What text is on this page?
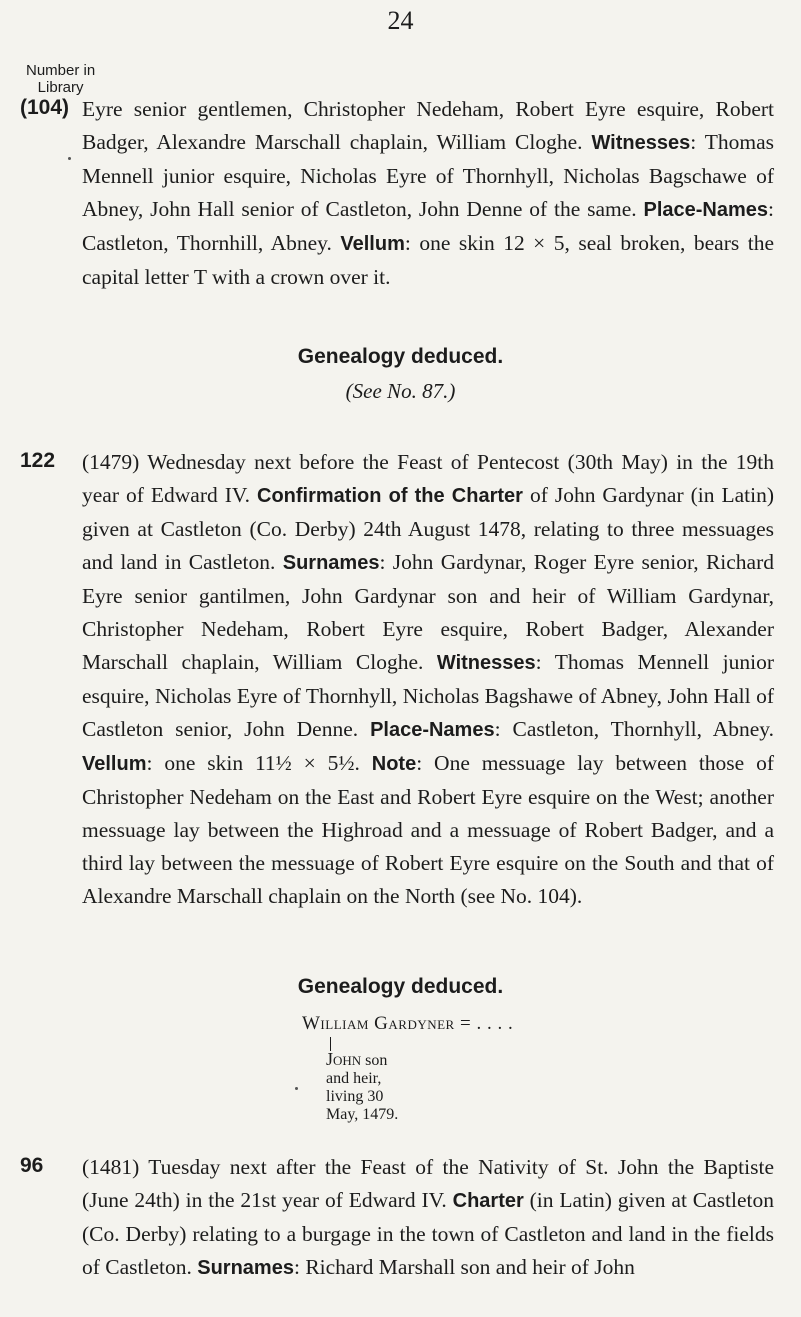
24
Number in
Library
(104) Eyre senior gentlemen, Christopher Nedeham, Robert Eyre esquire, Robert Badger, Alexandre Marschall chaplain, William Cloghe. Witnesses: Thomas Mennell junior esquire, Nicholas Eyre of Thornhyll, Nicholas Bagschawe of Abney, John Hall senior of Castleton, John Denne of the same. Place-Names: Castleton, Thornhill, Abney. Vellum: one skin 12 × 5, seal broken, bears the capital letter T with a crown over it.
Genealogy deduced.
(See No. 87.)
122 (1479) Wednesday next before the Feast of Pentecost (30th May) in the 19th year of Edward IV. Confirmation of the Charter of John Gardynar (in Latin) given at Castleton (Co. Derby) 24th August 1478, relating to three messuages and land in Castleton. Surnames: John Gardynar, Roger Eyre senior, Richard Eyre senior gantilmen, John Gardynar son and heir of William Gardynar, Christopher Nedeham, Robert Eyre esquire, Robert Badger, Alexander Marschall chaplain, William Cloghe. Witnesses: Thomas Mennell junior esquire, Nicholas Eyre of Thornhyll, Nicholas Bagshawe of Abney, John Hall of Castleton senior, John Denne. Place-Names: Castleton, Thornhyll, Abney. Vellum: one skin 11½ × 5½. Note: One messuage lay between those of Christopher Nedeham on the East and Robert Eyre esquire on the West; another messuage lay between the Highroad and a messuage of Robert Badger, and a third lay between the messuage of Robert Eyre esquire on the South and that of Alexandre Marschall chaplain on the North (see No. 104).
Genealogy deduced.
William Gardyner = . . . .
John son
and heir,
living 30
May, 1479.
96 (1481) Tuesday next after the Feast of the Nativity of St. John the Baptiste (June 24th) in the 21st year of Edward IV. Charter (in Latin) given at Castleton (Co. Derby) relating to a burgage in the town of Castleton and land in the fields of Castleton. Surnames: Richard Marshall son and heir of John
